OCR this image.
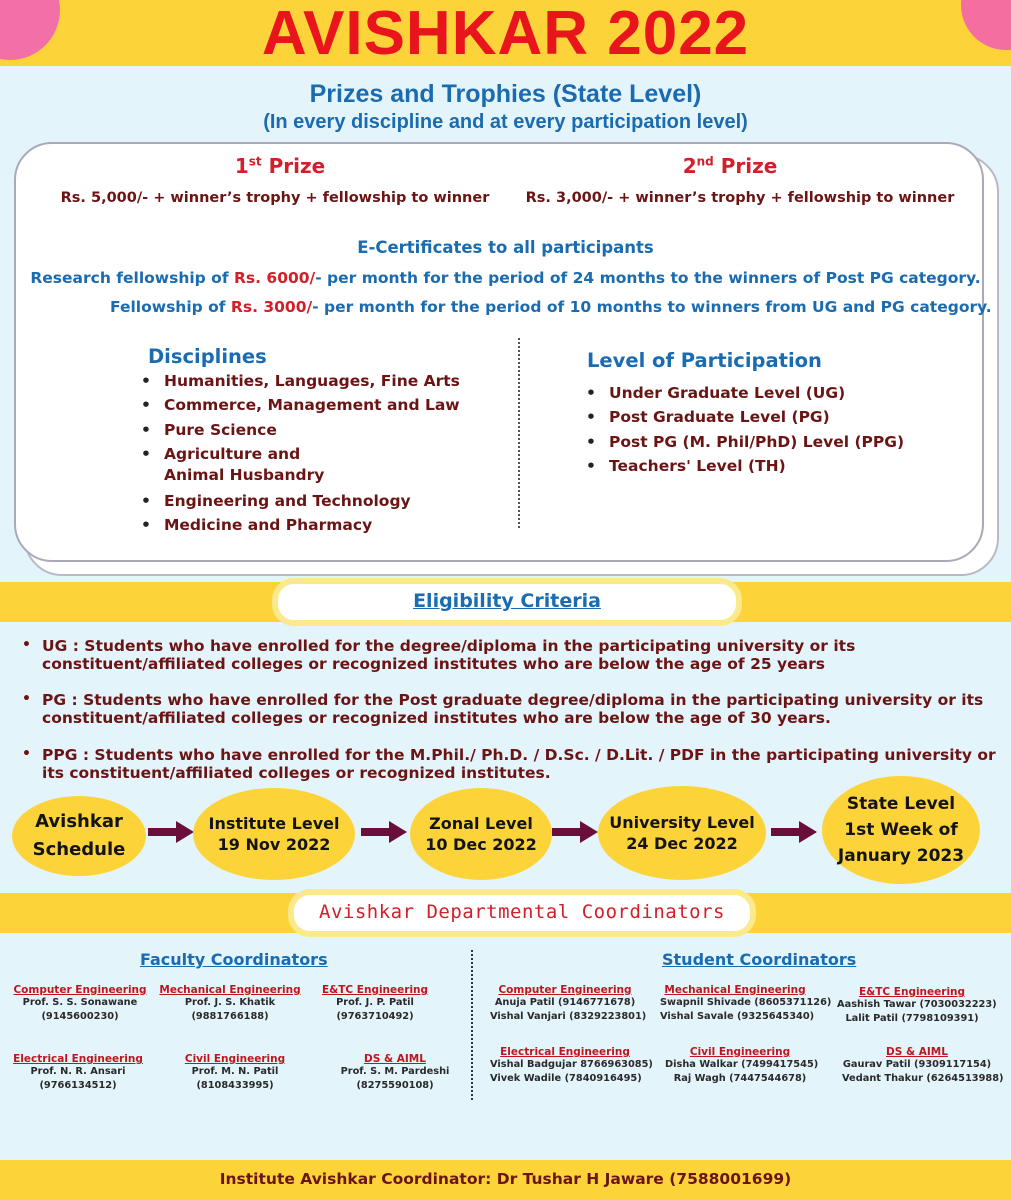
AVISHKAR 2022
Prizes and Trophies (State Level)
(In every discipline and at every participation level)
1st Prize
Rs. 5,000/- + winner’s trophy + fellowship to winner
2nd Prize
Rs. 3,000/- + winner’s trophy + fellowship to winner
E-Certificates to all participants
Research fellowship of Rs. 6000/- per month for the period of 24 months to the winners of Post PG category.
Fellowship of Rs. 3000/- per month for the period of 10 months to winners from UG and PG category.
Disciplines
• Humanities, Languages, Fine Arts
• Commerce, Management and Law
• Pure Science
• Agriculture and
Animal Husbandry
• Engineering and Technology
• Medicine and Pharmacy
Level of Participation
• Under Graduate Level (UG)
• Post Graduate Level (PG)
• Post PG (M. Phil/PhD) Level (PPG)
• Teachers' Level (TH)
Eligibility Criteria
• UG : Students who have enrolled for the degree/diploma in the participating university or its constituent/affiliated colleges or recognized institutes who are below the age of 25 years
• PG : Students who have enrolled for the Post graduate degree/diploma in the participating university or its constituent/affiliated colleges or recognized institutes who are below the age of 30 years.
• PPG : Students who have enrolled for the M.Phil./ Ph.D. / D.Sc. / D.Lit. / PDF in the participating university or its constituent/affiliated colleges or recognized institutes.
Avishkar
Schedule
Institute Level
19 Nov 2022
Zonal Level
10 Dec 2022
University Level
24 Dec 2022
State Level
1st Week of
January 2023
Avishkar Departmental Coordinators
Faculty Coordinators	Student Coordinators
Computer Engineering
Prof. S. S. Sonawane
(9145600230)
Mechanical Engineering
Prof. J. S. Khatik
(9881766188)
E&TC Engineering
Prof. J. P. Patil
(9763710492)
Electrical Engineering
Prof. N. R. Ansari
(9766134512)
Civil Engineering
Prof. M. N. Patil
(8108433995)
DS & AIML
Prof. S. M. Pardeshi
(8275590108)
Computer Engineering
Anuja Patil (9146771678)
Vishal Vanjari (8329223801)
Mechanical Engineering
Swapnil Shivade (8605371126)
Vishal Savale (9325645340)
E&TC Engineering
Aashish Tawar (7030032223)
Lalit Patil (7798109391)
Electrical Engineering
Vishal Badgujar 8766963085)
Vivek Wadile (7840916495)
Civil Engineering
Disha Walkar (7499417545)
Raj Wagh (7447544678)
DS & AIML
Gaurav Patil (9309117154)
Vedant Thakur (6264513988)
Institute Avishkar Coordinator: Dr Tushar H Jaware (7588001699)
